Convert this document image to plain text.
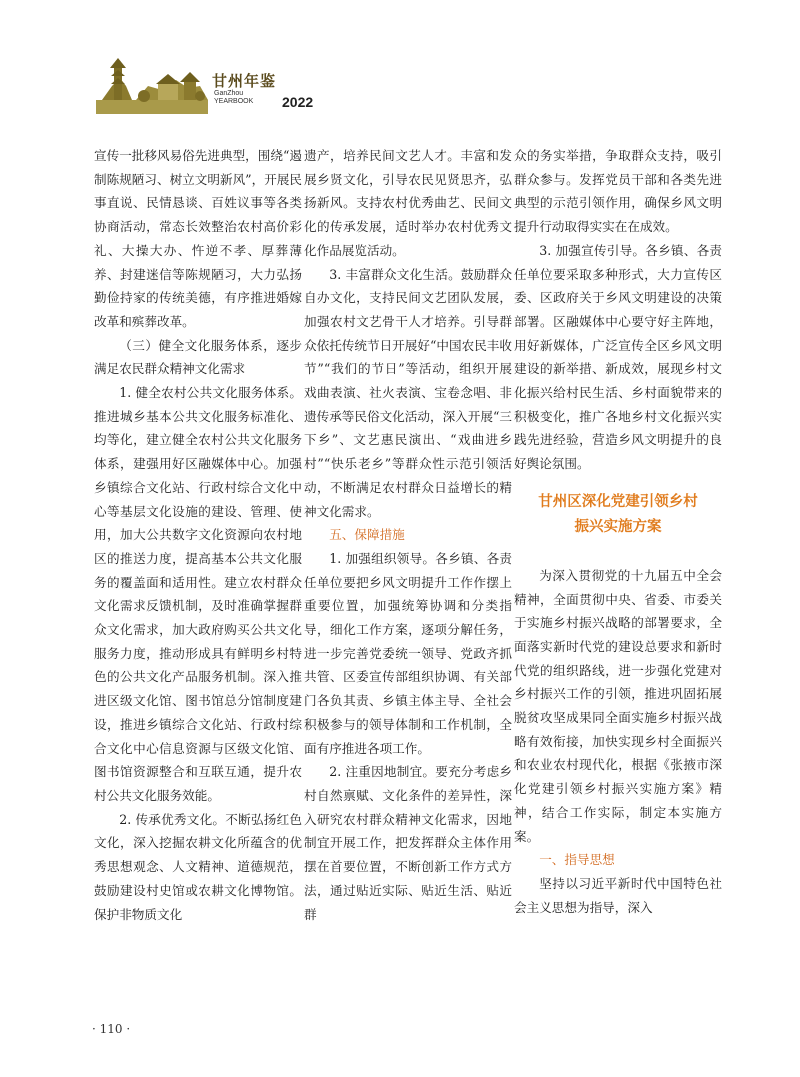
甘州年鉴
GanZhou
YEARBOOK 2022

宣传一批移风易俗先进典型，围绕“遏制陈规陋习、树立文明新风”，开展民事直说、民情恳谈、百姓议事等各类协商活动，常态长效整治农村高价彩礼、大操大办、忤逆不孝、厚葬薄养、封建迷信等陈规陋习，大力弘扬勤俭持家的传统美德，有序推进婚嫁改革和殡葬改革。

（三）健全文化服务体系，逐步满足农民群众精神文化需求

1. 健全农村公共文化服务体系。推进城乡基本公共文化服务标准化、均等化，建立健全农村公共文化服务体系，建强用好区融媒体中心。加强乡镇综合文化站、行政村综合文化中心等基层文化设施的建设、管理、使用，加大公共数字文化资源向农村地区的推送力度，提高基本公共文化服务的覆盖面和适用性。建立农村群众文化需求反馈机制，及时准确掌握群众文化需求，加大政府购买公共文化服务力度，推动形成具有鲜明乡村特色的公共文化产品服务机制。深入推进区级文化馆、图书馆总分馆制度建设，推进乡镇综合文化站、行政村综合文化中心信息资源与区级文化馆、图书馆资源整合和互联互通，提升农村公共文化服务效能。

2. 传承优秀文化。不断弘扬红色文化，深入挖掘农耕文化所蕴含的优秀思想观念、人文精神、道德规范，鼓励建设村史馆或农耕文化博物馆。保护非物质文化

遗产，培养民间文艺人才。丰富和发展乡贤文化，引导农民见贤思齐，弘扬新风。支持农村优秀曲艺、民间文化的传承发展，适时举办农村优秀文化作品展览活动。

3. 丰富群众文化生活。鼓励群众自办文化，支持民间文艺团队发展，加强农村文艺骨干人才培养。引导群众依托传统节日开展好“中国农民丰收节”“我们的节日”等活动，组织开展戏曲表演、社火表演、宝卷念唱、非遗传承等民俗文化活动，深入开展“三下乡”、文艺惠民演出、“戏曲进乡村”“快乐老乡”等群众性示范引领活动，不断满足农村群众日益增长的精神文化需求。

五、保障措施

1. 加强组织领导。各乡镇、各责任单位要把乡风文明提升工作作摆上重要位置，加强统筹协调和分类指导，细化工作方案，逐项分解任务，进一步完善党委统一领导、党政齐抓共管、区委宣传部组织协调、有关部门各负其责、乡镇主体主导、全社会积极参与的领导体制和工作机制，全面有序推进各项工作。

2. 注重因地制宜。要充分考虑乡村自然禀赋、文化条件的差异性，深入研究农村群众精神文化需求，因地制宜开展工作，把发挥群众主体作用摆在首要位置，不断创新工作方式方法，通过贴近实际、贴近生活、贴近群

众的务实举措，争取群众支持，吸引群众参与。发挥党员干部和各类先进典型的示范引领作用，确保乡风文明提升行动取得实实在在成效。

3. 加强宣传引导。各乡镇、各责任单位要采取多种形式，大力宣传区委、区政府关于乡风文明建设的决策部署。区融媒体中心要守好主阵地，用好新媒体，广泛宣传全区乡风文明建设的新举措、新成效，展现乡村文化振兴给村民生活、乡村面貌带来的积极变化，推广各地乡村文化振兴实践先进经验，营造乡风文明提升的良好舆论氛围。

甘州区深化党建引领乡村
振兴实施方案

为深入贯彻党的十九届五中全会精神，全面贯彻中央、省委、市委关于实施乡村振兴战略的部署要求，全面落实新时代党的建设总要求和新时代党的组织路线，进一步强化党建对乡村振兴工作的引领，推进巩固拓展脱贫攻坚成果同全面实施乡村振兴战略有效衔接，加快实现乡村全面振兴和农业农村现代化，根据《张掖市深化党建引领乡村振兴实施方案》精神，结合工作实际，制定本实施方案。

一、指导思想

坚持以习近平新时代中国特色社会主义思想为指导，深入

· 110 ·
